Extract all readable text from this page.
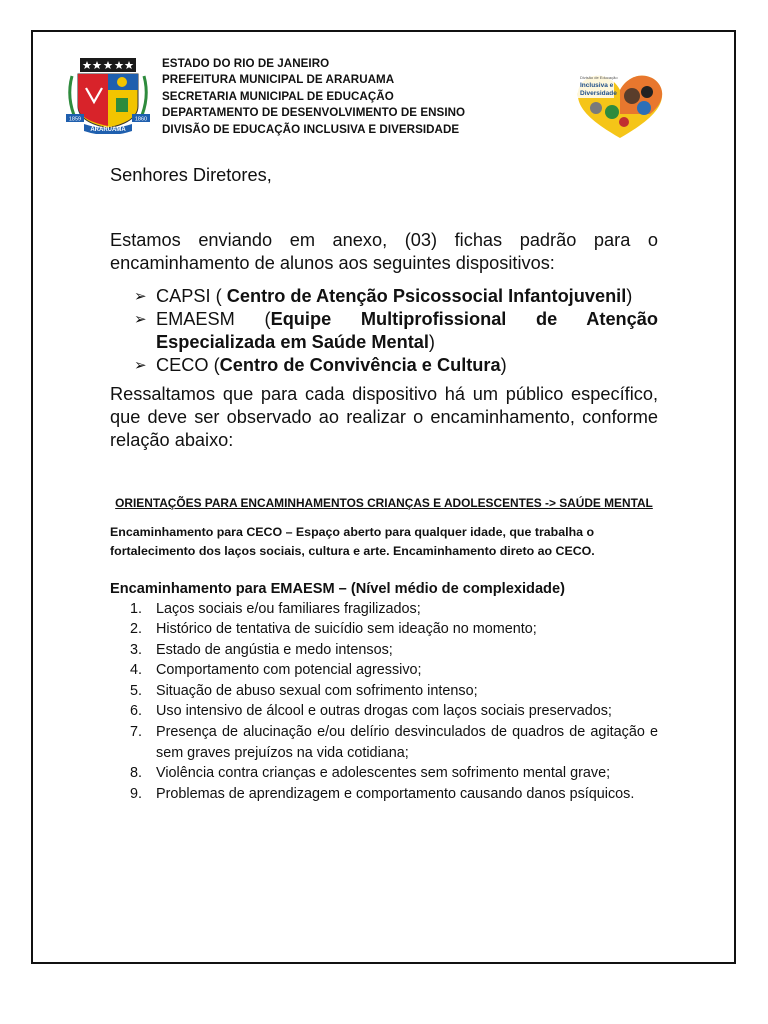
1859	1860
ARARUAMA
ESTADO DO RIO DE JANEIRO
PREFEITURA MUNICIPAL DE ARARUAMA
SECRETARIA MUNICIPAL DE EDUCAÇÃO
DEPARTAMENTO DE DESENVOLVIMENTO DE ENSINO
DIVISÃO DE EDUCAÇÃO INCLUSIVA E DIVERSIDADE
Divisão de Educação
Inclusiva e
Diversidade

Senhores Diretores,

Estamos enviando em anexo, (03) fichas padrão para o encaminhamento de alunos aos seguintes dispositivos:

➢ CAPSI ( Centro de Atenção Psicossocial Infantojuvenil)
➢ EMAESM (Equipe Multiprofissional de Atenção Especializada em Saúde Mental)
➢ CECO (Centro de Convivência e Cultura)

Ressaltamos que para cada dispositivo há um público específico, que deve ser observado ao realizar o encaminhamento, conforme relação abaixo:

ORIENTAÇÕES PARA ENCAMINHAMENTOS CRIANÇAS E ADOLESCENTES -> SAÚDE MENTAL
Encaminhamento para CECO – Espaço aberto para qualquer idade, que trabalha o fortalecimento dos laços sociais, cultura e arte. Encaminhamento direto ao CECO.
Encaminhamento para EMAESM – (Nível médio de complexidade)
1. Laços sociais e/ou familiares fragilizados;
2. Histórico de tentativa de suicídio sem ideação no momento;
3. Estado de angústia e medo intensos;
4. Comportamento com potencial agressivo;
5. Situação de abuso sexual com sofrimento intenso;
6. Uso intensivo de álcool e outras drogas com laços sociais preservados;
7. Presença de alucinação e/ou delírio desvinculados de quadros de agitação e sem graves prejuízos na vida cotidiana;
8. Violência contra crianças e adolescentes sem sofrimento mental grave;
9. Problemas de aprendizagem e comportamento causando danos psíquicos.
